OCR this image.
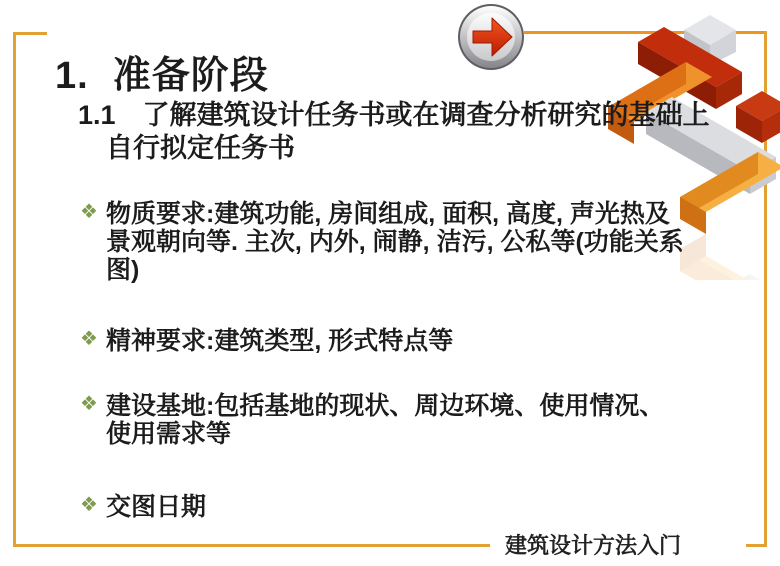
1. 准备阶段
1.1　了解建筑设计任务书或在调查分析研究的基础上
自行拟定任务书
❖ 物质要求:建筑功能, 房间组成, 面积, 高度, 声光热及
景观朝向等. 主次, 内外, 闹静, 洁污, 公私等(功能关系
图)
❖ 精神要求:建筑类型, 形式特点等
❖ 建设基地:包括基地的现状、周边环境、使用情况、
使用需求等
❖ 交图日期
建筑设计方法入门
